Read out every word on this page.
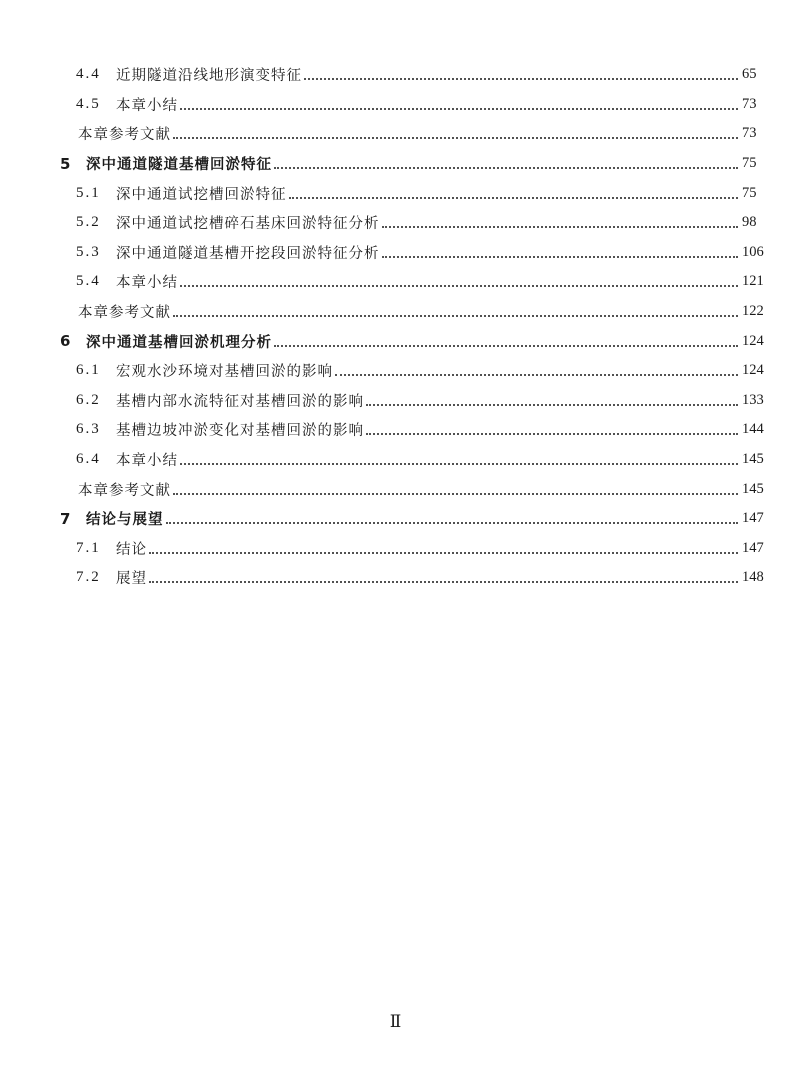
4.4	近期隧道沿线地形演变特征	65
4.5	本章小结	73
本章参考文献	73
5 深中通道隧道基槽回淤特征	75
5.1	深中通道试挖槽回淤特征	75
5.2	深中通道试挖槽碎石基床回淤特征分析	98
5.3	深中通道隧道基槽开挖段回淤特征分析	106
5.4	本章小结	121
本章参考文献	122
6 深中通道基槽回淤机理分析	124
6.1	宏观水沙环境对基槽回淤的影响	124
6.2	基槽内部水流特征对基槽回淤的影响	133
6.3	基槽边坡冲淤变化对基槽回淤的影响	144
6.4	本章小结	145
本章参考文献	145
7 结论与展望	147
7.1	结论	147
7.2	展望	148
Ⅱ
